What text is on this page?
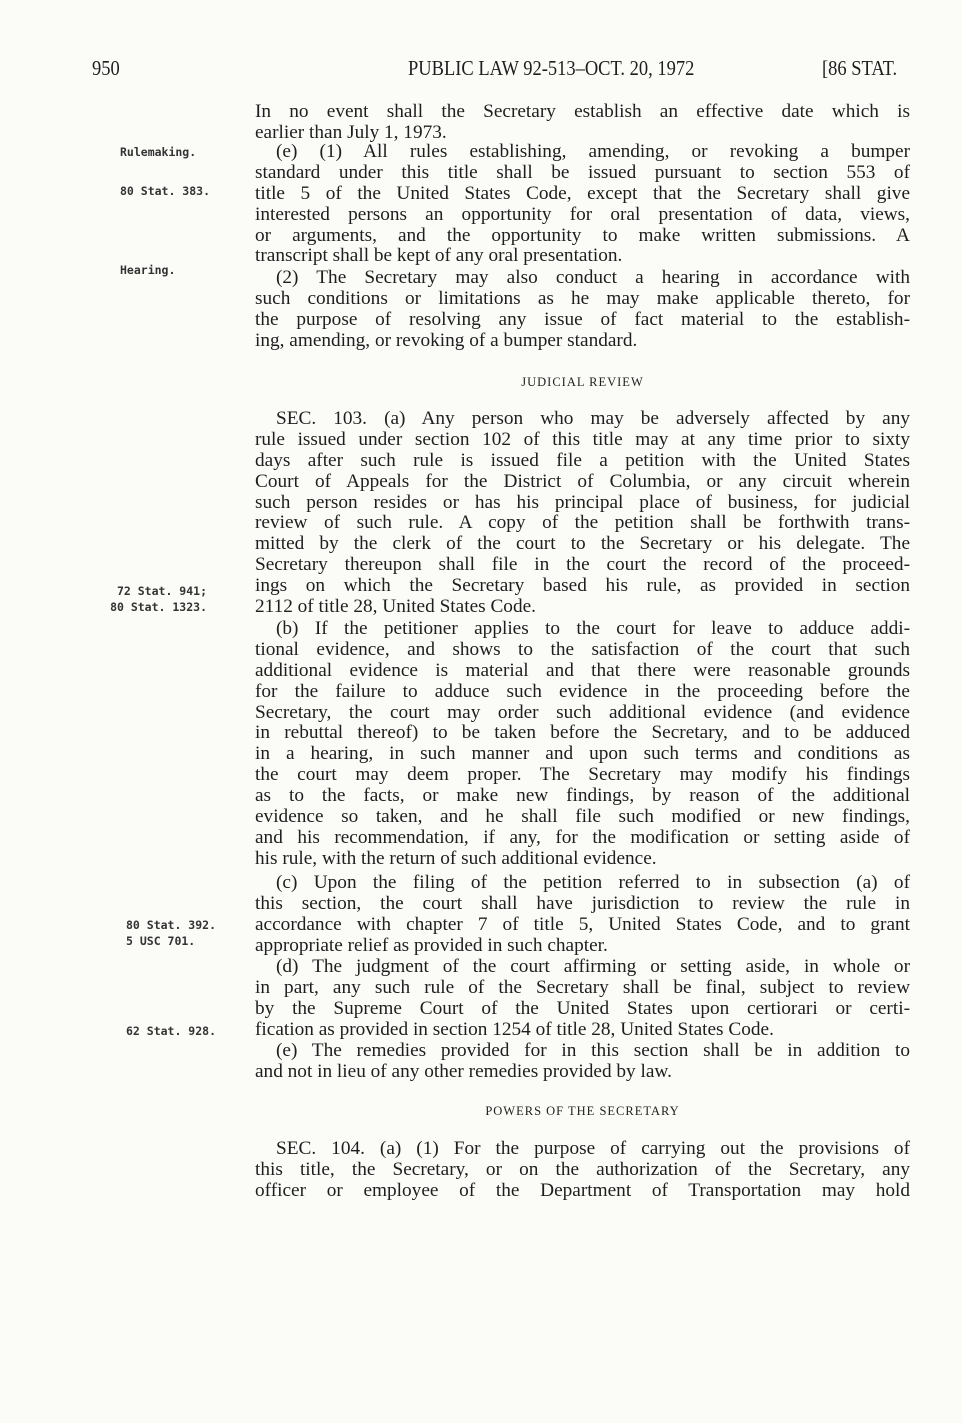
950	PUBLIC LAW 92-513–OCT. 20, 1972	[86 STAT.
Rulemaking.
80 Stat. 383.
Hearing.
72 Stat. 941;
80 Stat. 1323.
80 Stat. 392.
5 USC 701.
62 Stat. 928.
In no event shall the Secretary establish an effective date which is
earlier than July 1, 1973.
(e) (1) All rules establishing, amending, or revoking a bumper
standard under this title shall be issued pursuant to section 553 of
title 5 of the United States Code, except that the Secretary shall give
interested persons an opportunity for oral presentation of data, views,
or arguments, and the opportunity to make written submissions. A
transcript shall be kept of any oral presentation.
(2) The Secretary may also conduct a hearing in accordance with
such conditions or limitations as he may make applicable thereto, for
the purpose of resolving any issue of fact material to the establish-
ing, amending, or revoking of a bumper standard.
JUDICIAL REVIEW
SEC. 103. (a) Any person who may be adversely affected by any
rule issued under section 102 of this title may at any time prior to sixty
days after such rule is issued file a petition with the United States
Court of Appeals for the District of Columbia, or any circuit wherein
such person resides or has his principal place of business, for judicial
review of such rule. A copy of the petition shall be forthwith trans-
mitted by the clerk of the court to the Secretary or his delegate. The
Secretary thereupon shall file in the court the record of the proceed-
ings on which the Secretary based his rule, as provided in section
2112 of title 28, United States Code.
(b) If the petitioner applies to the court for leave to adduce addi-
tional evidence, and shows to the satisfaction of the court that such
additional evidence is material and that there were reasonable grounds
for the failure to adduce such evidence in the proceeding before the
Secretary, the court may order such additional evidence (and evidence
in rebuttal thereof) to be taken before the Secretary, and to be adduced
in a hearing, in such manner and upon such terms and conditions as
the court may deem proper. The Secretary may modify his findings
as to the facts, or make new findings, by reason of the additional
evidence so taken, and he shall file such modified or new findings,
and his recommendation, if any, for the modification or setting aside of
his rule, with the return of such additional evidence.
(c) Upon the filing of the petition referred to in subsection (a) of
this section, the court shall have jurisdiction to review the rule in
accordance with chapter 7 of title 5, United States Code, and to grant
appropriate relief as provided in such chapter.
(d) The judgment of the court affirming or setting aside, in whole or
in part, any such rule of the Secretary shall be final, subject to review
by the Supreme Court of the United States upon certiorari or certi-
fication as provided in section 1254 of title 28, United States Code.
(e) The remedies provided for in this section shall be in addition to
and not in lieu of any other remedies provided by law.
POWERS OF THE SECRETARY
SEC. 104. (a) (1) For the purpose of carrying out the provisions of
this title, the Secretary, or on the authorization of the Secretary, any
officer or employee of the Department of Transportation may hold
